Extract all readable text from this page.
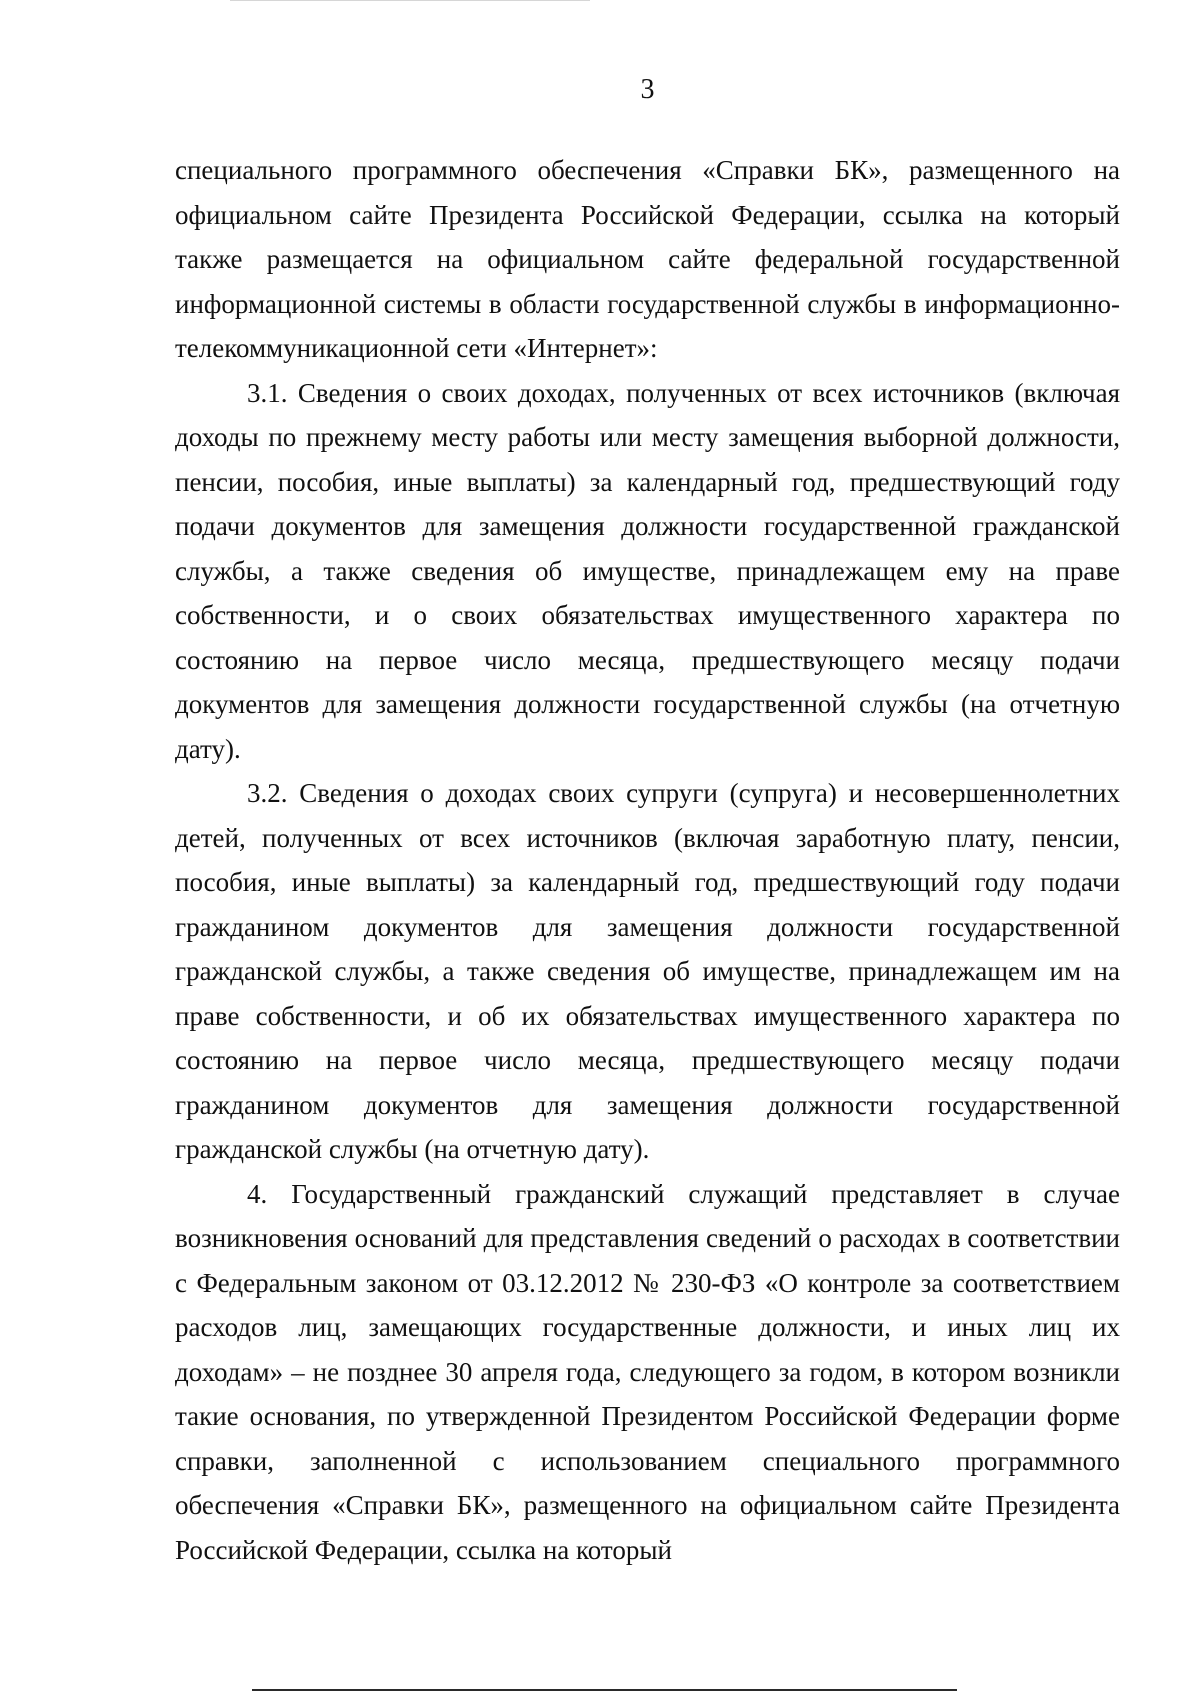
3

специального программного обеспечения «Справки БК», размещенного на официальном сайте Президента Российской Федерации, ссылка на который также размещается на официальном сайте федеральной государственной информационной системы в области государственной службы в информационно-телекоммуникационной сети «Интернет»:

3.1. Сведения о своих доходах, полученных от всех источников (включая доходы по прежнему месту работы или месту замещения выборной должности, пенсии, пособия, иные выплаты) за календарный год, предшествующий году подачи документов для замещения должности государственной гражданской службы, а также сведения об имуществе, принадлежащем ему на праве собственности, и о своих обязательствах имущественного характера по состоянию на первое число месяца, предшествующего месяцу подачи документов для замещения должности государственной службы (на отчетную дату).

3.2. Сведения о доходах своих супруги (супруга) и несовершеннолетних детей, полученных от всех источников (включая заработную плату, пенсии, пособия, иные выплаты) за календарный год, предшествующий году подачи гражданином документов для замещения должности государственной гражданской службы, а также сведения об имуществе, принадлежащем им на праве собственности, и об их обязательствах имущественного характера по состоянию на первое число месяца, предшествующего месяцу подачи гражданином документов для замещения должности государственной гражданской службы (на отчетную дату).

4. Государственный гражданский служащий представляет в случае возникновения оснований для представления сведений о расходах в соответствии с Федеральным законом от 03.12.2012 № 230-ФЗ «О контроле за соответствием расходов лиц, замещающих государственные должности, и иных лиц их доходам» – не позднее 30 апреля года, следующего за годом, в котором возникли такие основания, по утвержденной Президентом Российской Федерации форме справки, заполненной с использованием специального программного обеспечения «Справки БК», размещенного на официальном сайте Президента Российской Федерации, ссылка на который
